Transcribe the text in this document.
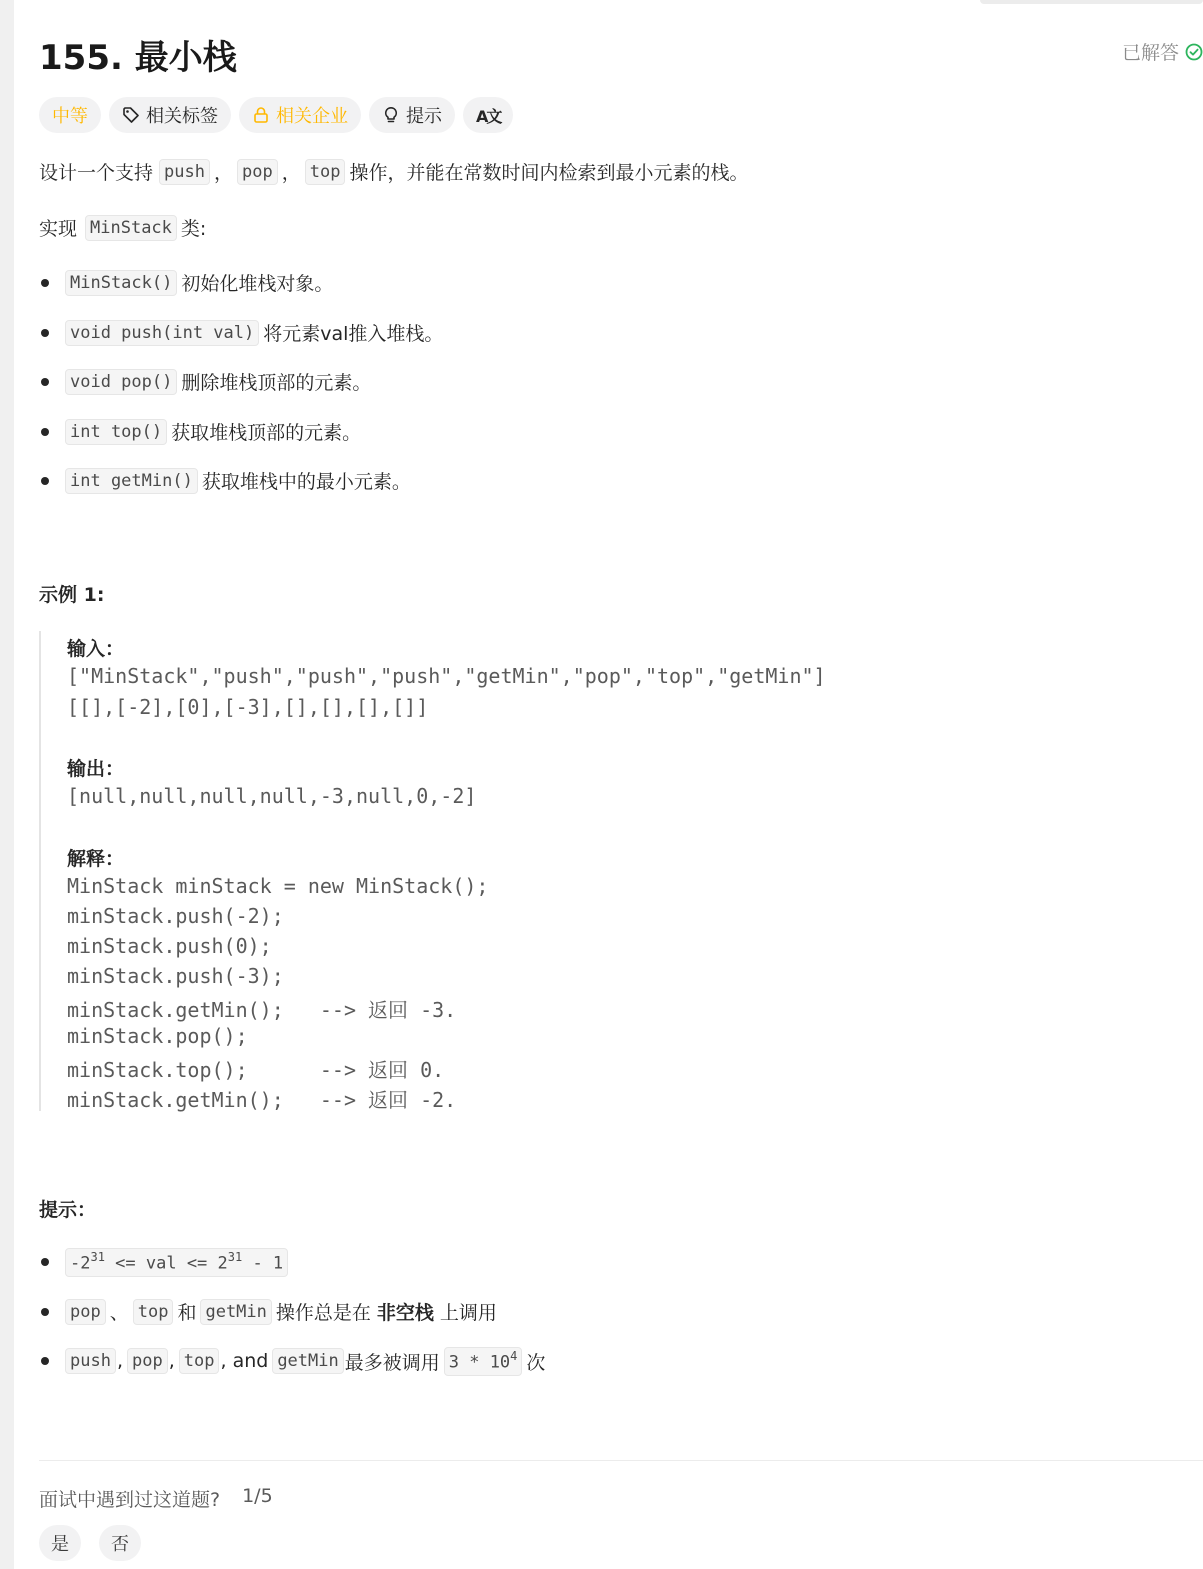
155. 最小栈	已解答
中等	相关标签	相关企业	提示 A文
设计一个支持 push ， pop ， top 操作，并能在常数时间内检索到最小元素的栈。
实现 MinStack 类:
MinStack() 初始化堆栈对象。
void push(int val) 将元素val推入堆栈。
void pop() 删除堆栈顶部的元素。
int top() 获取堆栈顶部的元素。
int getMin() 获取堆栈中的最小元素。
示例 1:
输入：
["MinStack","push","push","push","getMin","pop","top","getMin"]
[[],[-2],[0],[-3],[],[],[],[]]
输出：
[null,null,null,null,-3,null,0,-2]
解释：
MinStack minStack = new MinStack();
minStack.push(-2);
minStack.push(0);
minStack.push(-3);
minStack.getMin();   --> 返回 -3.
minStack.pop();
minStack.top();      --> 返回 0.
minStack.getMin();   --> 返回 -2.
提示：
$-2^{31}$ <= val <= $2^{31} - 1$
pop 、 top 和 getMin 操作总是在 非空栈 上调用
push , pop , top , and getMin 最多被调用 $3 * 10^4$ 次
面试中遇到过这道题? 1/5
是	否
